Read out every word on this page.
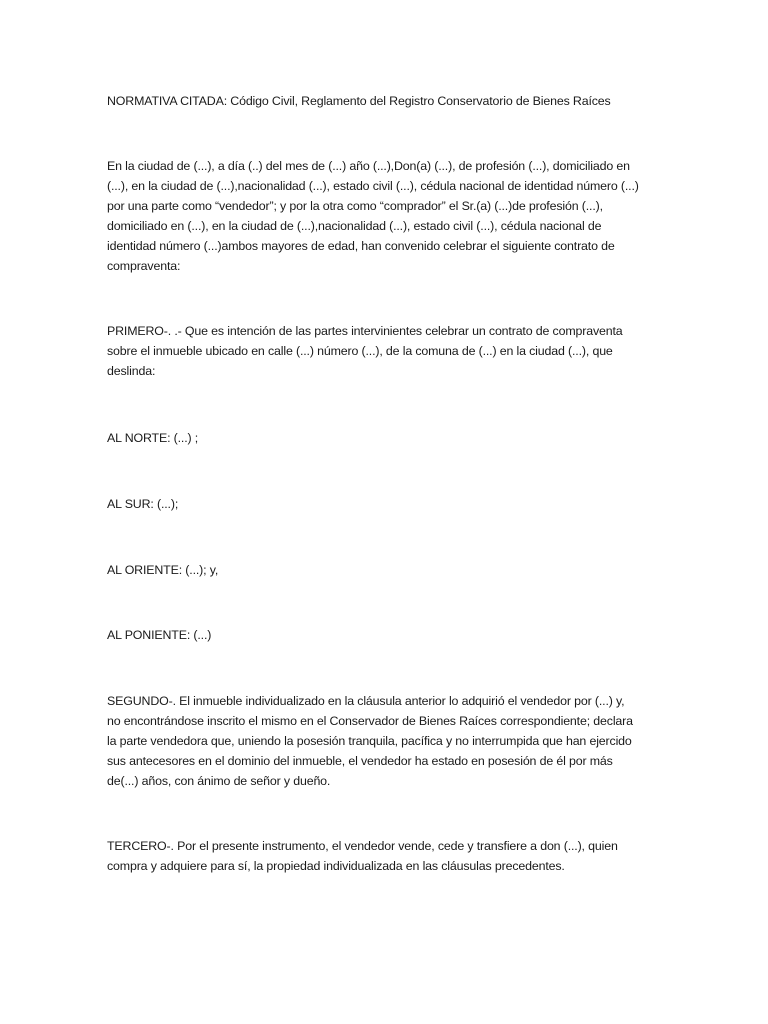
NORMATIVA CITADA: Código Civil, Reglamento del Registro Conservatorio de Bienes Raíces
En la ciudad de (...), a día (..) del mes de (...) año (...),Don(a) (...), de profesión (...), domiciliado en
(...), en la ciudad de (...),nacionalidad (...), estado civil (...), cédula nacional de identidad número (...)
por una parte como “vendedor”; y por la otra como “comprador” el Sr.(a) (...)de profesión (...),
domiciliado en (...), en la ciudad de (...),nacionalidad (...), estado civil (...), cédula nacional de
identidad número (...)ambos mayores de edad, han convenido celebrar el siguiente contrato de
compraventa:
PRIMERO-. .- Que es intención de las partes intervinientes celebrar un contrato de compraventa
sobre el inmueble ubicado en calle (...) número (...), de la comuna de (...) en la ciudad (...), que
deslinda:
AL NORTE: (...) ;
AL SUR: (...);
AL ORIENTE: (...); y,
AL PONIENTE: (...)
SEGUNDO-. El inmueble individualizado en la cláusula anterior lo adquirió el vendedor por (...) y,
no encontrándose inscrito el mismo en el Conservador de Bienes Raíces correspondiente; declara
la parte vendedora que, uniendo la posesión tranquila, pacífica y no interrumpida que han ejercido
sus antecesores en el dominio del inmueble, el vendedor ha estado en posesión de él por más
de(...) años, con ánimo de señor y dueño.
TERCERO-. Por el presente instrumento, el vendedor vende, cede y transfiere a don (...), quien
compra y adquiere para sí, la propiedad individualizada en las cláusulas precedentes.
